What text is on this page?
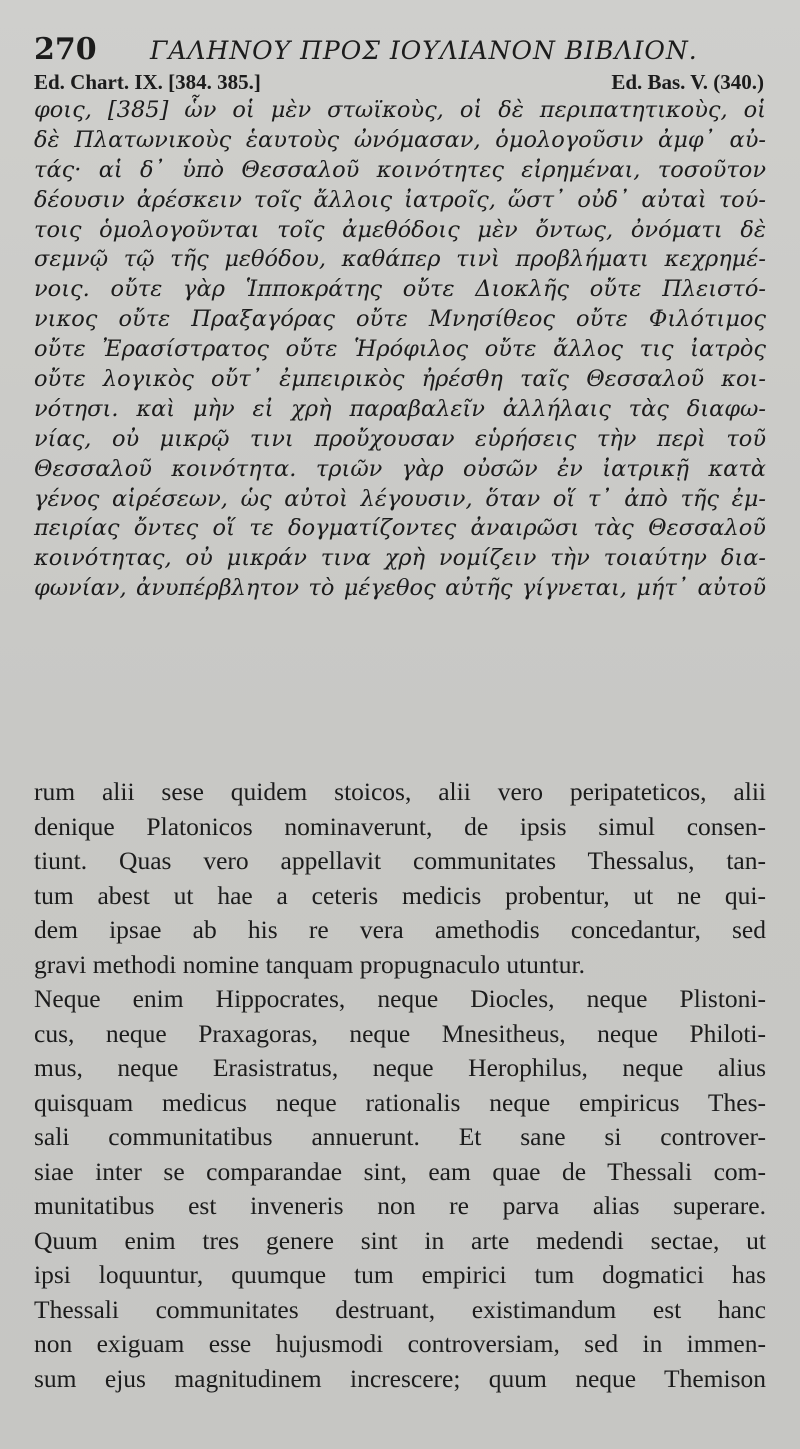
270 ΓΑΛΗΝΟΥ ΠΡΟΣ ΙΟΥΛΙΑΝΟΝ ΒΙΒΛΙΟΝ.
Ed. Chart. IX. [384. 385.]	Ed. Bas. V. (340.)
φοις, [385] ὧν οἱ μὲν στωϊκοὺς, οἱ δὲ περιπατητικοὺς, οἱ
δὲ Πλατωνικοὺς ἑαυτοὺς ὠνόμασαν, ὁμολογοῦσιν ἀμφ᾽ αὐ-
τάς· αἱ δ᾽ ὑπὸ Θεσσαλοῦ κοινότητες εἰρημέναι, τοσοῦτον
δέουσιν ἀρέσκειν τοῖς ἄλλοις ἰατροῖς, ὥστ᾽ οὐδ᾽ αὐταὶ τού-
τοις ὁμολογοῦνται τοῖς ἀμεθόδοις μὲν ὄντως, ὀνόματι δὲ
σεμνῷ τῷ τῆς μεθόδου, καθάπερ τινὶ προβλήματι κεχρημέ-
νοις. οὔτε γὰρ Ἱπποκράτης οὔτε Διοκλῆς οὔτε Πλειστό-
νικος οὔτε Πραξαγόρας οὔτε Μνησίθεος οὔτε Φιλότιμος
οὔτε Ἐρασίστρατος οὔτε Ἡρόφιλος οὔτε ἄλλος τις ἰατρὸς
οὔτε λογικὸς οὔτ᾽ ἐμπειρικὸς ἠρέσθη ταῖς Θεσσαλοῦ κοι-
νότησι. καὶ μὴν εἰ χρὴ παραβαλεῖν ἀλλήλαις τὰς διαφω-
νίας, οὐ μικρῷ τινι προὔχουσαν εὑρήσεις τὴν περὶ τοῦ
Θεσσαλοῦ κοινότητα. τριῶν γὰρ οὐσῶν ἐν ἰατρικῇ κατὰ
γένος αἱρέσεων, ὡς αὐτοὶ λέγουσιν, ὅταν οἵ τ᾽ ἀπὸ τῆς ἐμ-
πειρίας ὄντες οἵ τε δογματίζοντες ἀναιρῶσι τὰς Θεσσαλοῦ
κοινότητας, οὐ μικράν τινα χρὴ νομίζειν τὴν τοιαύτην δια-
φωνίαν, ἀνυπέρβλητον τὸ μέγεθος αὐτῆς γίγνεται, μήτ᾽ αὐτοῦ
rum alii sese quidem stoicos, alii vero peripateticos, alii
denique Platonicos nominaverunt, de ipsis simul consen-
tiunt. Quas vero appellavit communitates Thessalus, tan-
tum abest ut hae a ceteris medicis probentur, ut ne qui-
dem ipsae ab his re vera amethodis concedantur, sed
gravi methodi nomine tanquam propugnaculo utuntur.
Neque enim Hippocrates, neque Diocles, neque Plistoni-
cus, neque Praxagoras, neque Mnesitheus, neque Philoti-
mus, neque Erasistratus, neque Herophilus, neque alius
quisquam medicus neque rationalis neque empiricus Thes-
sali communitatibus annuerunt. Et sane si controver-
siae inter se comparandae sint, eam quae de Thessali com-
munitatibus est inveneris non re parva alias superare.
Quum enim tres genere sint in arte medendi sectae, ut
ipsi loquuntur, quumque tum empirici tum dogmatici has
Thessali communitates destruant, existimandum est hanc
non exiguam esse hujusmodi controversiam, sed in immen-
sum ejus magnitudinem increscere; quum neque Themison
